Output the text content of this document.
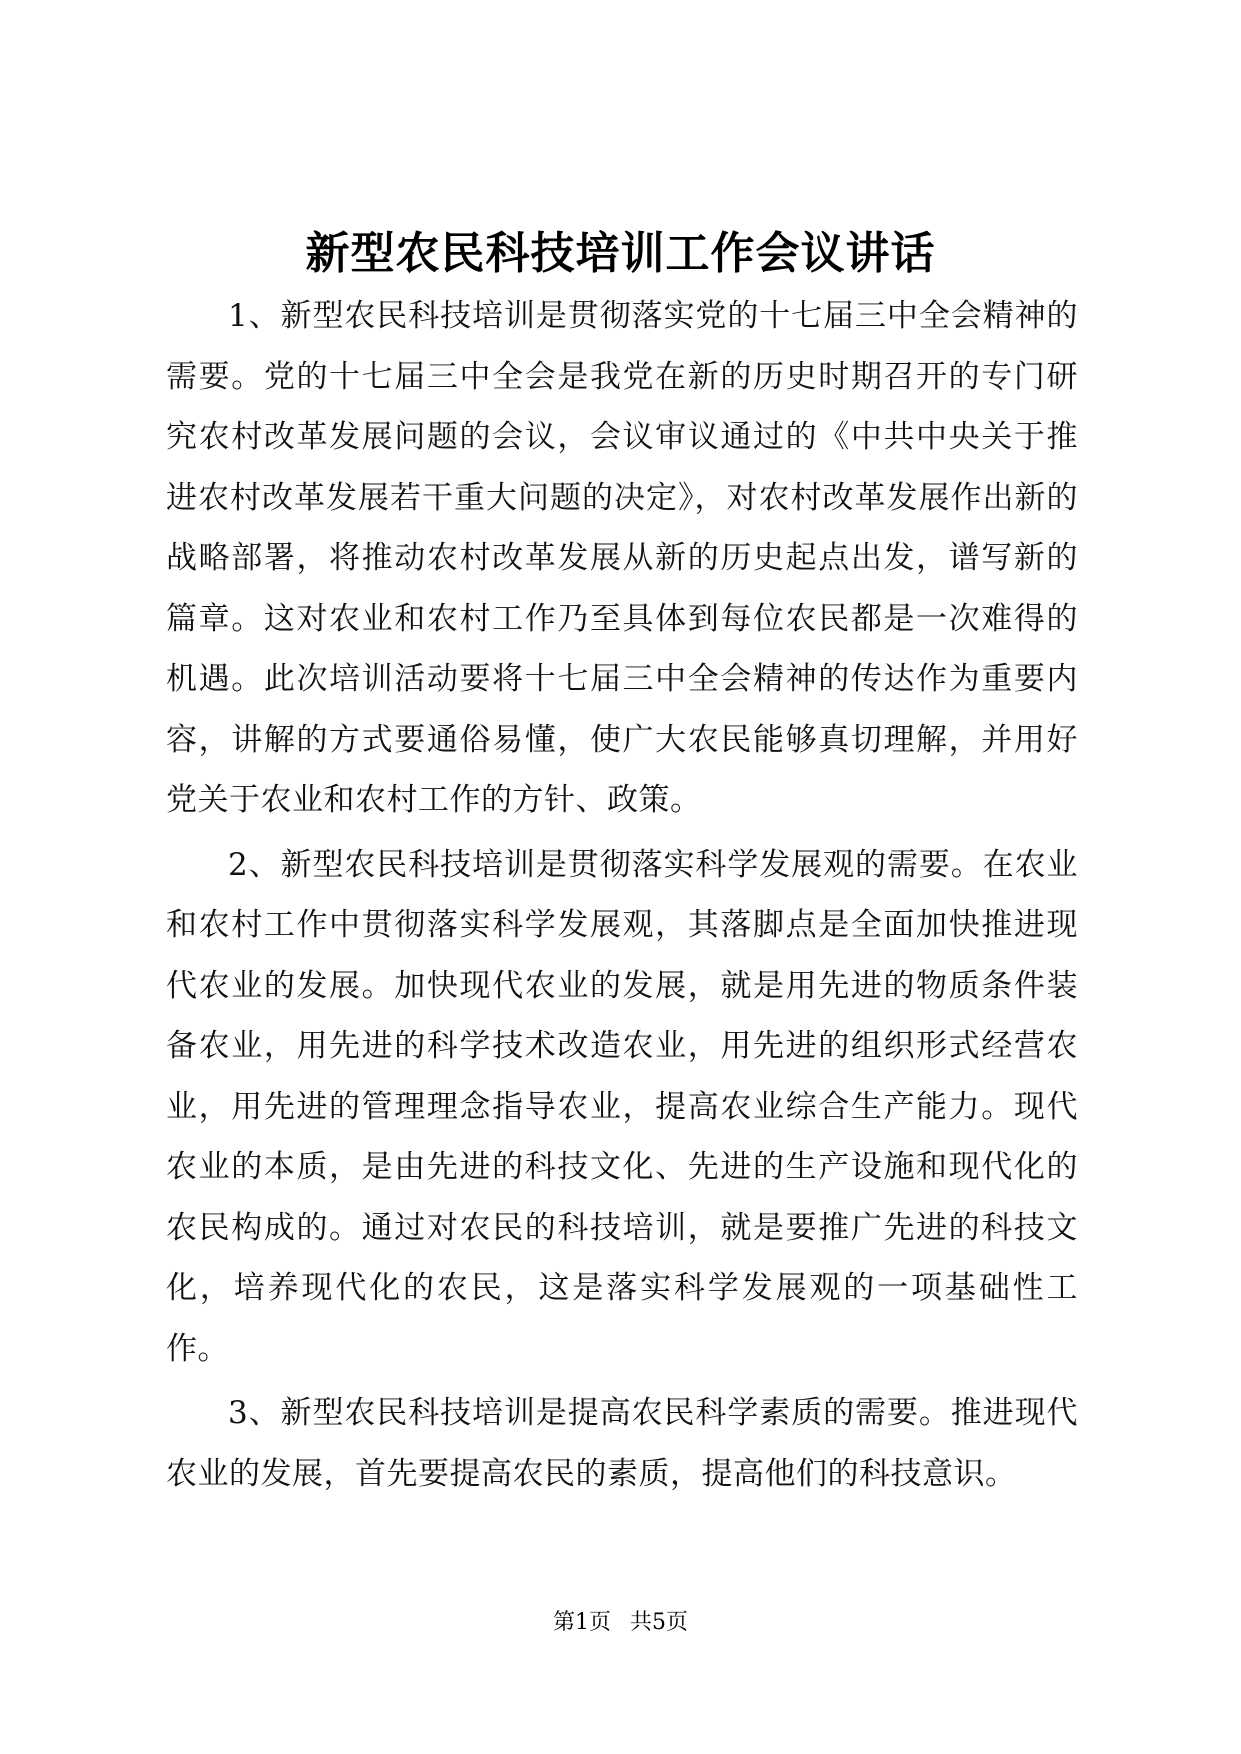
新型农民科技培训工作会议讲话

1、新型农民科技培训是贯彻落实党的十七届三中全会精神的需要。党的十七届三中全会是我党在新的历史时期召开的专门研究农村改革发展问题的会议，会议审议通过的《中共中央关于推进农村改革发展若干重大问题的决定》，对农村改革发展作出新的战略部署，将推动农村改革发展从新的历史起点出发，谱写新的篇章。这对农业和农村工作乃至具体到每位农民都是一次难得的机遇。此次培训活动要将十七届三中全会精神的传达作为重要内容，讲解的方式要通俗易懂，使广大农民能够真切理解，并用好党关于农业和农村工作的方针、政策。

2、新型农民科技培训是贯彻落实科学发展观的需要。在农业和农村工作中贯彻落实科学发展观，其落脚点是全面加快推进现代农业的发展。加快现代农业的发展，就是用先进的物质条件装备农业，用先进的科学技术改造农业，用先进的组织形式经营农业，用先进的管理理念指导农业，提高农业综合生产能力。现代农业的本质，是由先进的科技文化、先进的生产设施和现代化的农民构成的。通过对农民的科技培训，就是要推广先进的科技文化，培养现代化的农民，这是落实科学发展观的一项基础性工作。

3、新型农民科技培训是提高农民科学素质的需要。推进现代农业的发展，首先要提高农民的素质，提高他们的科技意识。

第1页 共5页
